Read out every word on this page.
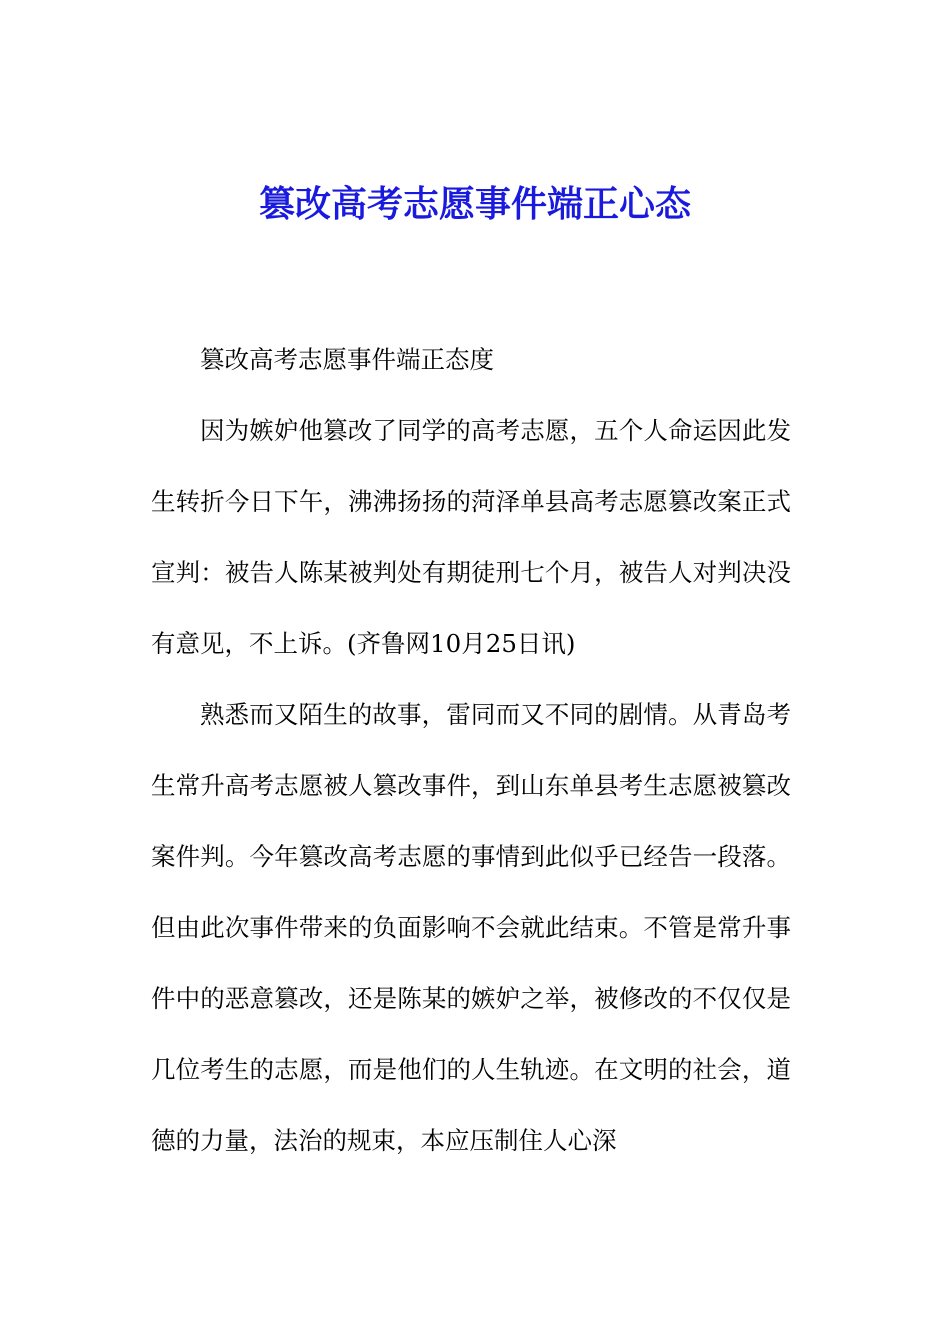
篡改高考志愿事件端正心态

篡改高考志愿事件端正态度

因为嫉妒他篡改了同学的高考志愿，五个人命运因此发生转折今日下午，沸沸扬扬的菏泽单县高考志愿篡改案正式宣判：被告人陈某被判处有期徒刑七个月，被告人对判决没有意见，不上诉。(齐鲁网10月25日讯)

熟悉而又陌生的故事，雷同而又不同的剧情。从青岛考生常升高考志愿被人篡改事件，到山东单县考生志愿被篡改案件判。今年篡改高考志愿的事情到此似乎已经告一段落。但由此次事件带来的负面影响不会就此结束。不管是常升事件中的恶意篡改，还是陈某的嫉妒之举，被修改的不仅仅是几位考生的志愿，而是他们的人生轨迹。在文明的社会，道德的力量，法治的规束，本应压制住人心深
